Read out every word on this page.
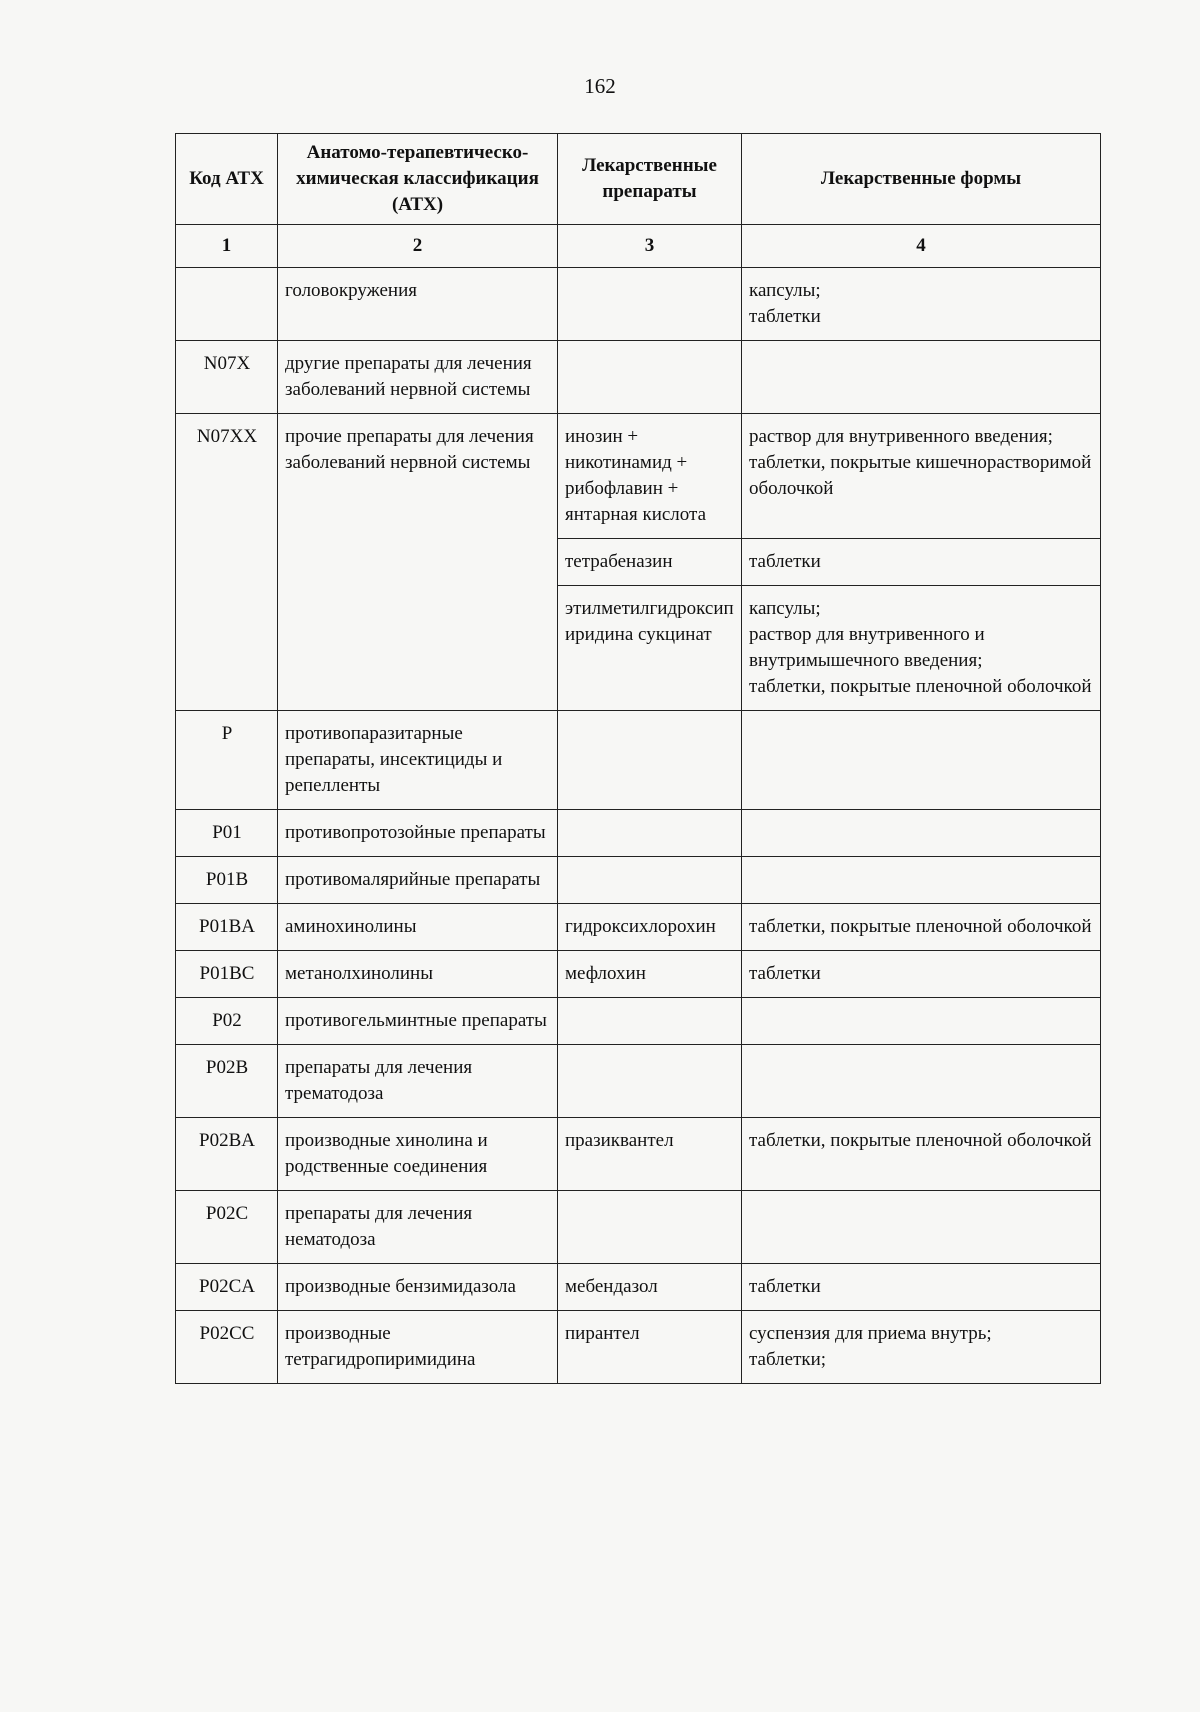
162
Код АТХ	Анатомо-терапевтическо-химическая классификация (АТХ)	Лекарственные препараты	Лекарственные формы
1	2	3	4
	головокружения		капсулы;
таблетки

N07X	другие препараты для лечения заболеваний нервной системы		
N07XX	прочие препараты для лечения заболеваний нервной системы	инозин + никотинамид + рибофлавин + янтарная кислота	раствор для внутривенного введения;
таблетки, покрытые кишечнорастворимой оболочкой

		тетрабеназин	таблетки

		этилметилгидроксипиридина сукцинат	капсулы;
раствор для внутривенного и внутримышечного введения;
таблетки, покрытые пленочной оболочкой

P	противопаразитарные препараты, инсектициды и репелленты		
P01	противопротозойные препараты		
P01B	противомалярийные препараты		
P01BA	аминохинолины	гидроксихлорохин	таблетки, покрытые пленочной оболочкой

P01BC	метанолхинолины	мефлохин	таблетки

P02	противогельминтные препараты		
P02B	препараты для лечения трематодоза		
P02BA	производные хинолина и родственные соединения	празиквантел	таблетки, покрытые пленочной оболочкой

P02C	препараты для лечения нематодоза		
P02CA	производные бензимидазола	мебендазол	таблетки

P02CC	производные тетрагидропиримидина	пирантел	суспензия для приема внутрь;
таблетки;
